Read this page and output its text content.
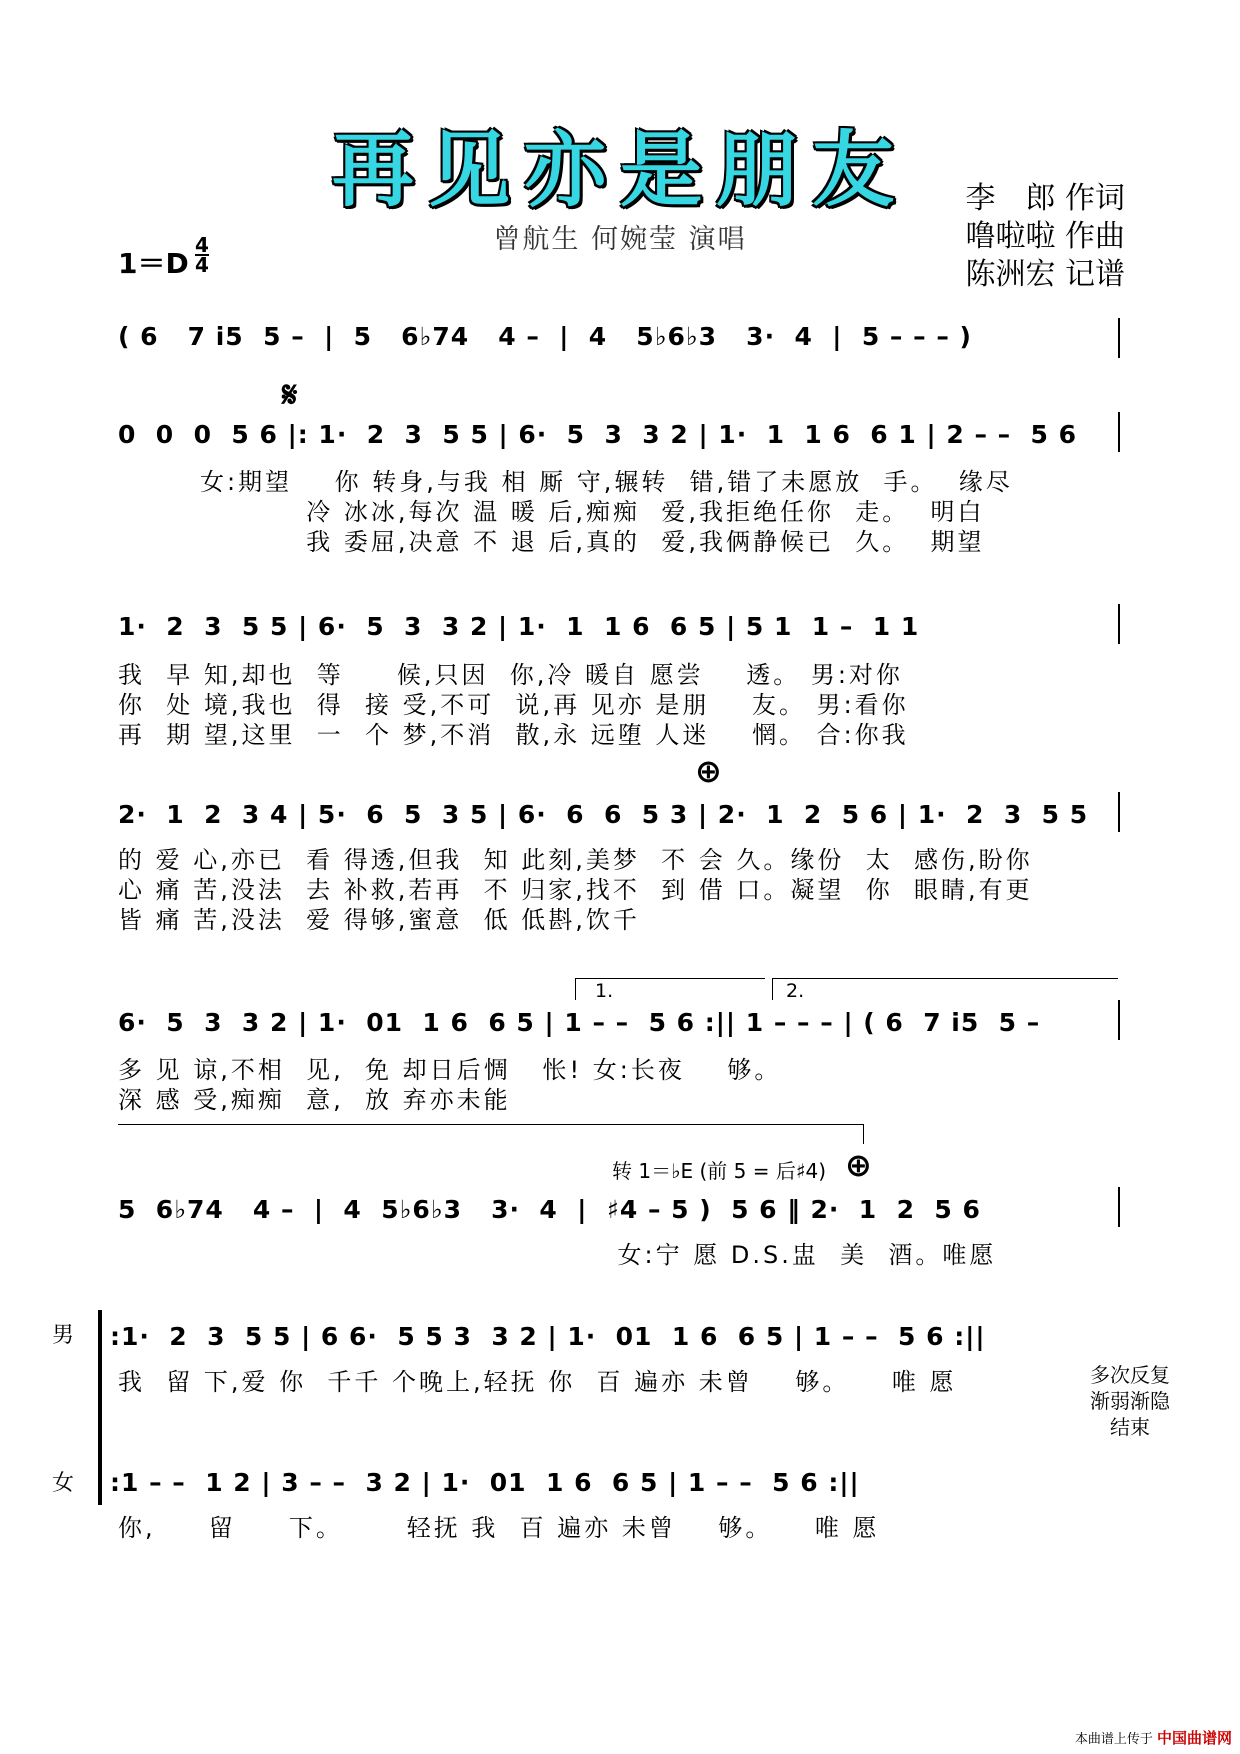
再见亦是朋友
曾航生 何婉莹 演唱
李　郎 作词
噜啦啦 作曲
陈洲宏 记谱
1＝D
4
4
( 6   7 i5  5 –  |  5   6♭74   4 –  |  4   5♭6♭3   3·  4  |  5 – – – )
𝄋
0  0  0  5 6 |: 1·  2  3  5 5 | 6·  5  3  3 2 | 1·  1  1 6  6 1 | 2 – –  5 6
女:期望    你 转身,与我 相 厮 守,辗转  错,错了未愿放  手。  缘尽
冷 冰冰,每次 温 暖 后,痴痴  爱,我拒绝任你  走。  明白
我 委屈,决意 不 退 后,真的  爱,我俩静候已  久。  期望
1·  2  3  5 5 | 6·  5  3  3 2 | 1·  1  1 6  6 5 | 5 1  1 –  1 1
我  早 知,却也  等     候,只因  你,冷 暖自 愿尝    透。 男:对你
你  处 境,我也  得  接 受,不可  说,再 见亦 是朋    友。 男:看你
再  期 望,这里  一  个 梦,不消  散,永 远堕 人迷    惘。 合:你我
⊕
2·  1  2  3 4 | 5·  6  5  3 5 | 6·  6  6  5 3 | 2·  1  2  5 6 | 1·  2  3  5 5
的 爱 心,亦已  看 得透,但我  知 此刻,美梦  不 会 久。缘份  太  感伤,盼你
心 痛 苦,没法  去 补救,若再  不 归家,找不  到 借 口。凝望  你  眼睛,有更
皆 痛 苦,没法  爱 得够,蜜意  低 低斟,饮千
1.	2.
6·  5  3  3 2 | 1·  01  1 6  6 5 | 1 – –  5 6 :|| 1 – – – | ( 6  7 i5  5 –
多 见 谅,不相  见,  免 却日后惆   怅! 女:长夜    够。
深 感 受,痴痴  意,  放 弃亦未能
转 1＝♭E (前 5 = 后♯4) ⊕
5  6♭74   4 –  |  4  5♭6♭3   3·  4  |  ♯4 – 5 )  5 6 ‖ 2·  1  2  5 6
女:宁 愿 D.S.盅  美  酒。唯愿
男
女
:1·  2  3  5 5 | 6 6·  5 5 3  3 2 | 1·  01  1 6  6 5 | 1 – –  5 6 :||
我  留 下,爱 你  千千 个晚上,轻抚 你  百 遍亦 未曾    够。    唯 愿	多次反复
渐弱渐隐
结束
:1 – –  1 2 | 3 – –  3 2 | 1·  01  1 6  6 5 | 1 – –  5 6 :||
你,     留     下。      轻抚 我  百 遍亦 未曾    够。    唯 愿
本曲谱上传于 中国曲谱网
